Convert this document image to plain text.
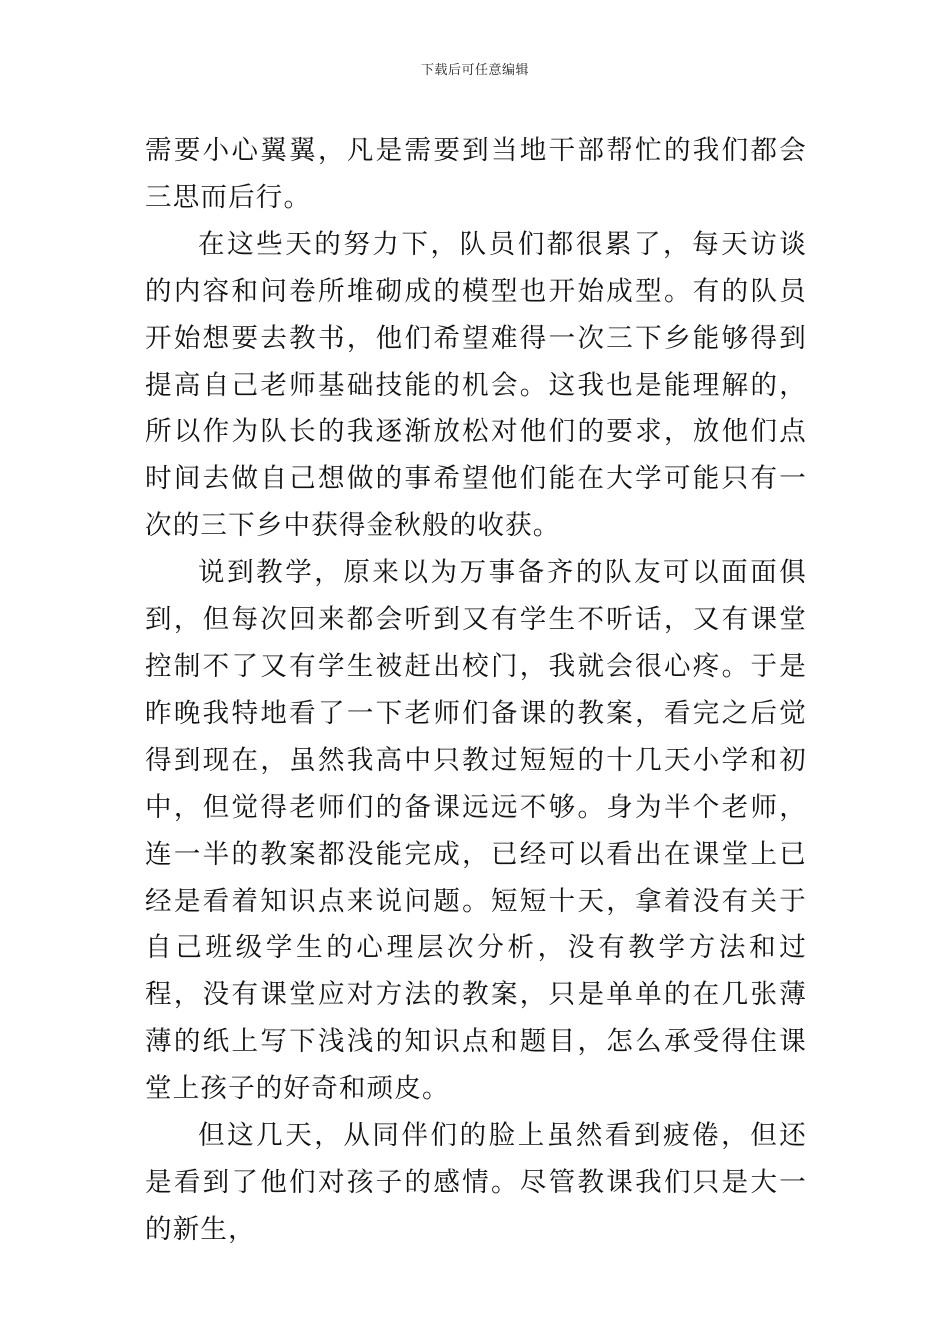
下载后可任意编辑

需要小心翼翼，凡是需要到当地干部帮忙的我们都会三思而后行。

在这些天的努力下，队员们都很累了，每天访谈的内容和问卷所堆砌成的模型也开始成型。有的队员开始想要去教书，他们希望难得一次三下乡能够得到提高自己老师基础技能的机会。这我也是能理解的，所以作为队长的我逐渐放松对他们的要求，放他们点时间去做自己想做的事希望他们能在大学可能只有一次的三下乡中获得金秋般的收获。

说到教学，原来以为万事备齐的队友可以面面俱到，但每次回来都会听到又有学生不听话，又有课堂控制不了又有学生被赶出校门，我就会很心疼。于是昨晚我特地看了一下老师们备课的教案，看完之后觉得到现在，虽然我高中只教过短短的十几天小学和初中，但觉得老师们的备课远远不够。身为半个老师，连一半的教案都没能完成，已经可以看出在课堂上已经是看着知识点来说问题。短短十天，拿着没有关于自己班级学生的心理层次分析，没有教学方法和过程，没有课堂应对方法的教案，只是单单的在几张薄薄的纸上写下浅浅的知识点和题目，怎么承受得住课堂上孩子的好奇和顽皮。

但这几天，从同伴们的脸上虽然看到疲倦，但还是看到了他们对孩子的感情。尽管教课我们只是大一的新生，
